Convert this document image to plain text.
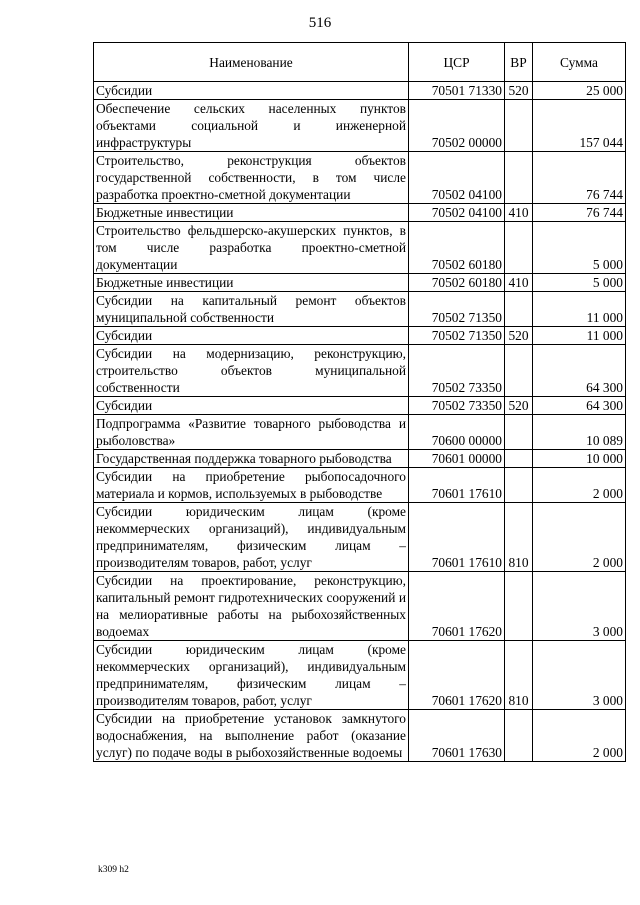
516
Наименование	ЦСР	ВР	Сумма
Субсидии	70501 71330	520	25 000
Обеспечение сельских населенных пунктов объектами социальной и инженерной инфраструктуры	70502 00000		157 044
Строительство, реконструкция объектов государственной собственности, в том числе разработка проектно-сметной документации	70502 04100		76 744
Бюджетные инвестиции	70502 04100	410	76 744
Строительство фельдшерско-акушерских пунктов, в том числе разработка проектно-сметной документации	70502 60180		5 000
Бюджетные инвестиции	70502 60180	410	5 000
Субсидии на капитальный ремонт объектов муниципальной собственности	70502 71350		11 000
Субсидии	70502 71350	520	11 000
Субсидии на модернизацию, реконструкцию, строительство объектов муниципальной собственности	70502 73350		64 300
Субсидии	70502 73350	520	64 300
Подпрограмма «Развитие товарного рыбоводства и рыболовства»	70600 00000		10 089
Государственная поддержка товарного рыбоводства	70601 00000		10 000
Субсидии на приобретение рыбопосадочного материала и кормов, используемых в рыбоводстве	70601 17610		2 000
Субсидии юридическим лицам (кроме некоммерческих организаций), индивидуальным предпринимателям, физическим лицам – производителям товаров, работ, услуг	70601 17610	810	2 000
Субсидии на проектирование, реконструкцию, капитальный ремонт гидротехнических сооружений и на мелиоративные работы на рыбохозяйственных водоемах	70601 17620		3 000
Субсидии юридическим лицам (кроме некоммерческих организаций), индивидуальным предпринимателям, физическим лицам – производителям товаров, работ, услуг	70601 17620	810	3 000
Субсидии на приобретение установок замкнутого водоснабжения, на выполнение работ (оказание услуг) по подаче воды в рыбохозяйственные водоемы	70601 17630		2 000
k309 h2
